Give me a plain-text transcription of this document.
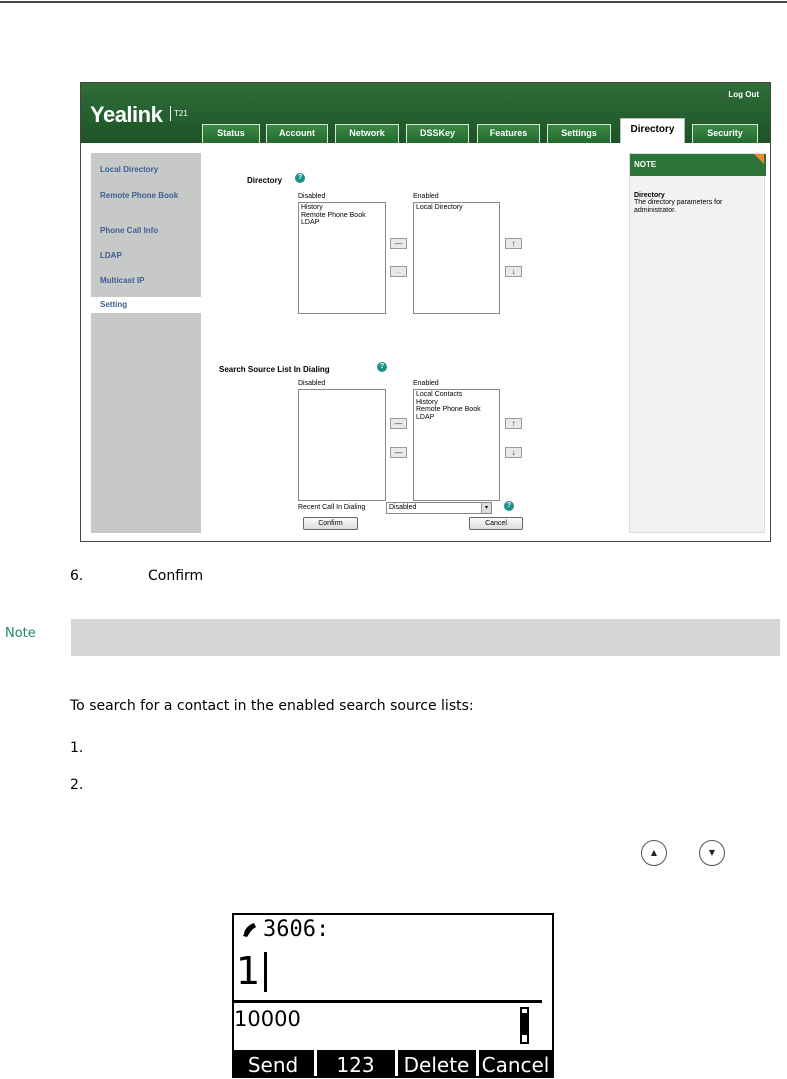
Yealink	T21
Log Out
Status	Account	Network	DSSKey	Features	Settings	Directory	Security
Local Directory
Remote Phone Book
Phone Call Info
LDAP
Multicast IP
Setting
Directory	?
Disabled	Enabled
History
Remote Phone Book
LDAP
—
→
Local Directory
↑
↓
Search Source List In Dialing	?
Disabled	Enabled
—
—
Local Contacts
History
Remote Phone Book
LDAP
↑
↓
Recent Call In Dialing	Disabled	▾	?
Confirm	Cancel
NOTE
Directory
The directory parameters for administrator.
6.	Confirm
Note
To search for a contact in the enabled search source lists:
1.
2.
▲	▼
3606:
1
10000
Send	123	Delete Cancel
